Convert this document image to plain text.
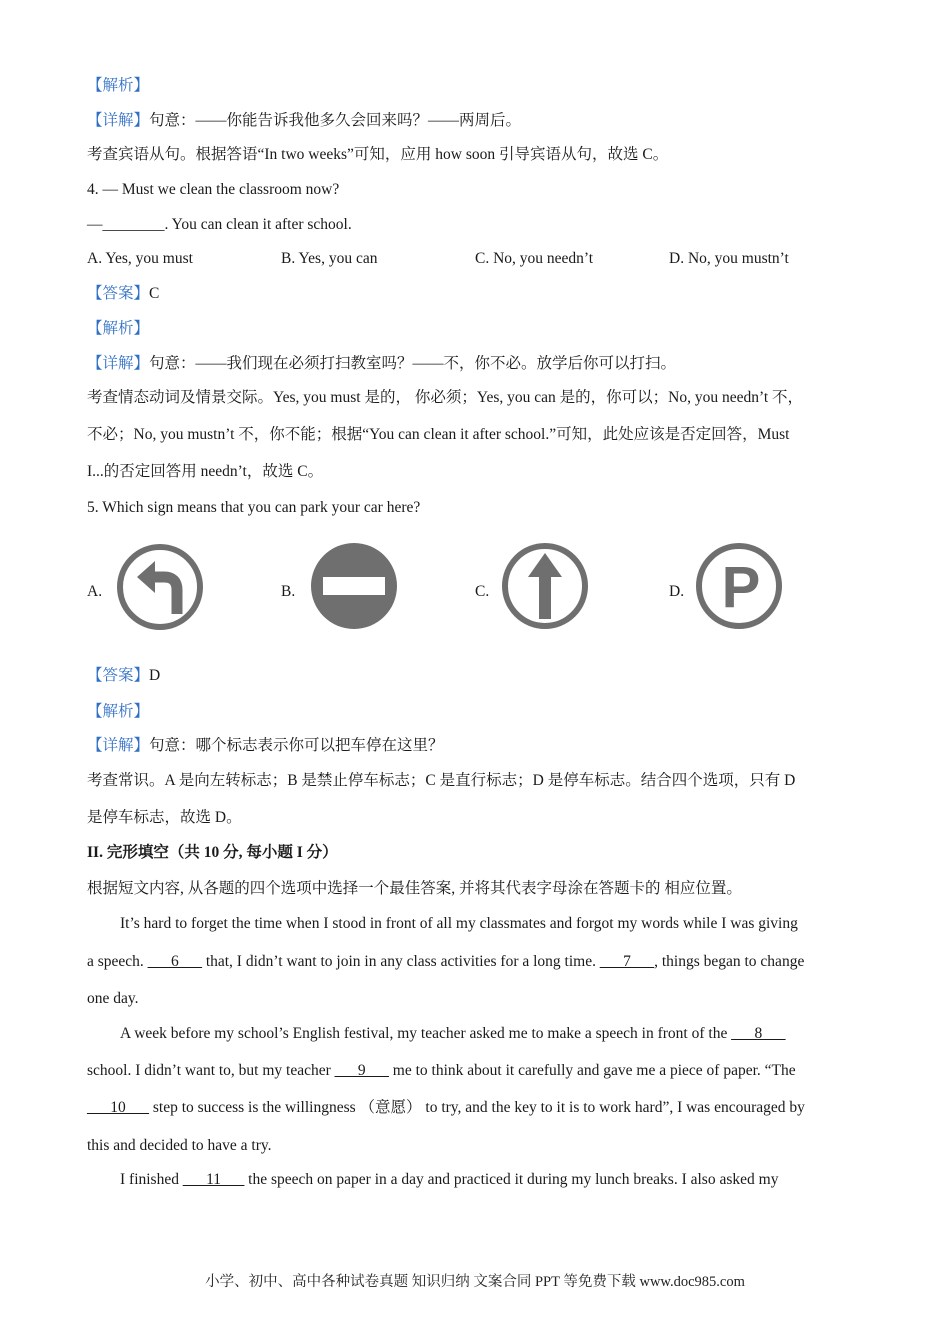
【解析】
【详解】句意：——你能告诉我他多久会回来吗？——两周后。
考查宾语从句。根据答语“In two weeks”可知，应用 how soon 引导宾语从句，故选 C。
4. — Must we clean the classroom now?
—________. You can clean it after school.
A. Yes, you must	B. Yes, you can	C. No, you needn’t	D. No, you mustn’t
【答案】C
【解析】
【详解】句意：——我们现在必须打扫教室吗？——不，你不必。放学后你可以打扫。
考查情态动词及情景交际。Yes, you must 是的， 你必须；Yes, you can 是的，你可以；No, you needn’t 不，
不必；No, you mustn’t 不，你不能；根据“You can clean it after school.”可知，此处应该是否定回答，Must
I...的否定回答用 needn’t，故选 C。
5. Which sign means that you can park your car here?
A.	B.	C.	D. P
【答案】D
【解析】
【详解】句意：哪个标志表示你可以把车停在这里？
考查常识。A 是向左转标志；B 是禁止停车标志；C 是直行标志；D 是停车标志。结合四个选项，只有 D
是停车标志，故选 D。
II. 完形填空（共 10 分, 每小题 I 分）
根据短文内容, 从各题的四个选项中选择一个最佳答案, 并将其代表字母涂在答题卡的 相应位置。
It’s hard to forget the time when I stood in front of all my classmates and forgot my words while I was giving
a speech. ___6___ that, I didn’t want to join in any class activities for a long time. ___7___, things began to change
one day.
A week before my school’s English festival, my teacher asked me to make a speech in front of the ___8___
school. I didn’t want to, but my teacher ___9___ me to think about it carefully and gave me a piece of paper. “The
___10___ step to success is the willingness （意愿） to try, and the key to it is to work hard”, I was encouraged by
this and decided to have a try.
I finished ___11___ the speech on paper in a day and practiced it during my lunch breaks. I also asked my
小学、初中、高中各种试卷真题 知识归纳 文案合同 PPT 等免费下载 www.doc985.com
